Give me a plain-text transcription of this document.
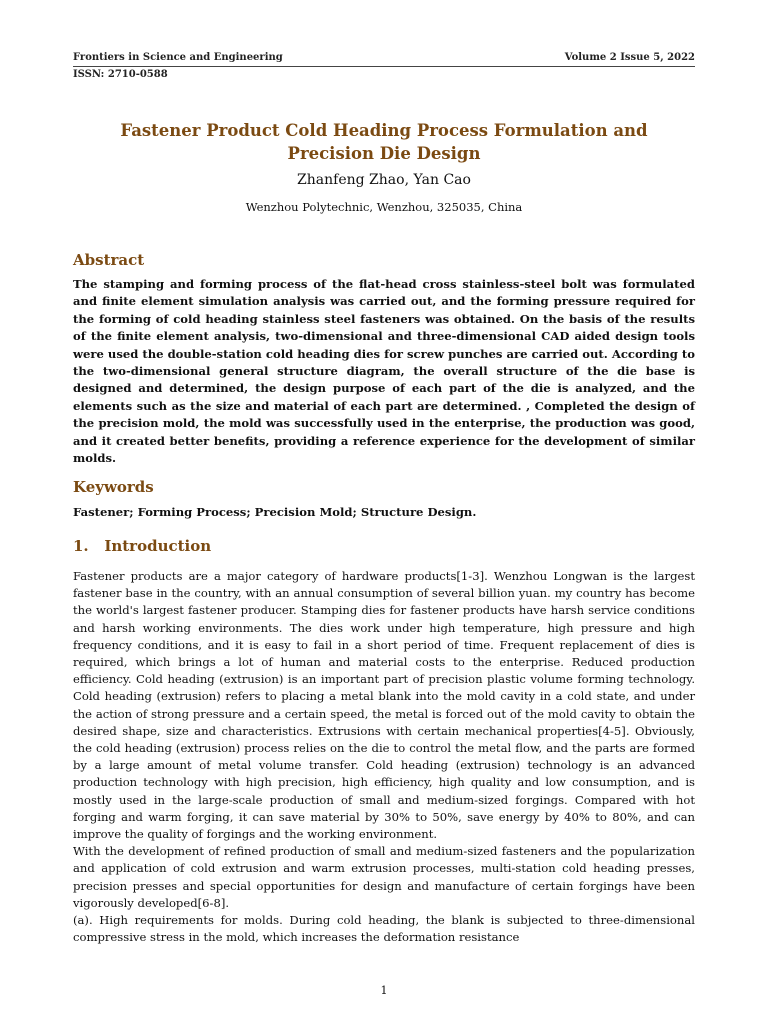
Frontiers in Science and Engineering	Volume 2 Issue 5, 2022
ISSN: 2710-0588
Fastener Product Cold Heading Process Formulation and
Precision Die Design
Zhanfeng Zhao, Yan Cao
Wenzhou Polytechnic, Wenzhou, 325035, China
Abstract
The stamping and forming process of the flat-head cross stainless-steel bolt was formulated and finite element simulation analysis was carried out, and the forming pressure required for the forming of cold heading stainless steel fasteners was obtained. On the basis of the results of the finite element analysis, two-dimensional and three-dimensional CAD aided design tools were used the double-station cold heading dies for screw punches are carried out. According to the two-dimensional general structure diagram, the overall structure of the die base is designed and determined, the design purpose of each part of the die is analyzed, and the elements such as the size and material of each part are determined. , Completed the design of the precision mold, the mold was successfully used in the enterprise, the production was good, and it created better benefits, providing a reference experience for the development of similar molds.
Keywords
Fastener; Forming Process; Precision Mold; Structure Design.
1.   Introduction

Fastener products are a major category of hardware products[1-3]. Wenzhou Longwan is the largest fastener base in the country, with an annual consumption of several billion yuan. my country has become the world's largest fastener producer. Stamping dies for fastener products have harsh service conditions and harsh working environments. The dies work under high temperature, high pressure and high frequency conditions, and it is easy to fail in a short period of time. Frequent replacement of dies is required, which brings a lot of human and material costs to the enterprise. Reduced production efficiency. Cold heading (extrusion) is an important part of precision plastic volume forming technology. Cold heading (extrusion) refers to placing a metal blank into the mold cavity in a cold state, and under the action of strong pressure and a certain speed, the metal is forced out of the mold cavity to obtain the desired shape, size and characteristics. Extrusions with certain mechanical properties[4-5]. Obviously, the cold heading (extrusion) process relies on the die to control the metal flow, and the parts are formed by a large amount of metal volume transfer. Cold heading (extrusion) technology is an advanced production technology with high precision, high efficiency, high quality and low consumption, and is mostly used in the large-scale production of small and medium-sized forgings. Compared with hot forging and warm forging, it can save material by 30% to 50%, save energy by 40% to 80%, and can improve the quality of forgings and the working environment.

With the development of refined production of small and medium-sized fasteners and the popularization and application of cold extrusion and warm extrusion processes, multi-station cold heading presses, precision presses and special opportunities for design and manufacture of certain forgings have been vigorously developed[6-8].

(a). High requirements for molds. During cold heading, the blank is subjected to three-dimensional compressive stress in the mold, which increases the deformation resistance

1
